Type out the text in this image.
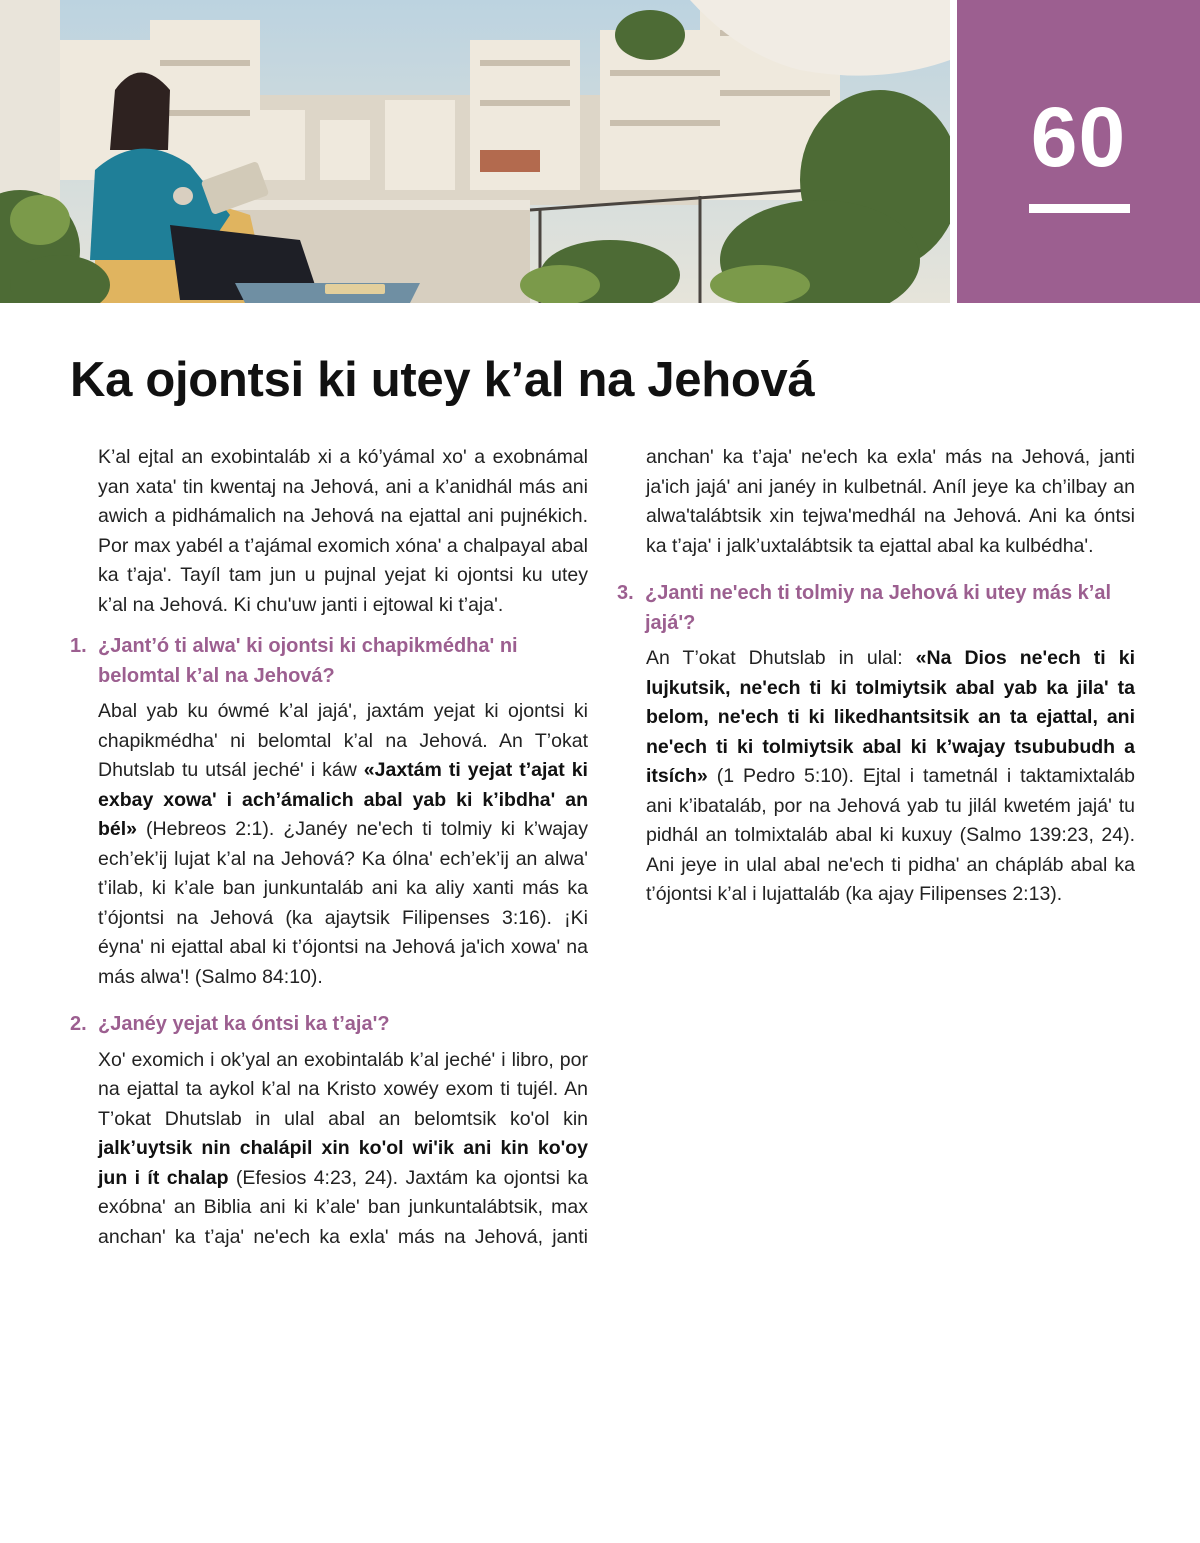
60
Ka ojontsi ki utey k’al na Jehová

K’al ejtal an exobintaláb xi a kó’yámal xo' a exobnámal yan xata' tin kwentaj na Jehová, ani a k’anidhál más ani awich a pidhámalich na Jehová na ejattal ani pujnékich. Por max yabél a t’ajámal exomich xóna' a chalpayal abal ka t’aja'. Tayíl tam jun u pujnal yejat ki ojontsi ku utey k’al na Jehová. Ki chu'uw janti i ejtowal ki t’aja'.

1. ¿Jant’ó ti alwa' ki ojontsi ki chapikmédha' ni belomtal k’al na Jehová?

Abal yab ku ówmé k’al jajá', jaxtám yejat ki ojontsi ki chapikmédha' ni belomtal k’al na Jehová. An T’okat Dhutslab tu utsál jeché' i káw «Jaxtám ti yejat t’ajat ki exbay xowa' i ach’ámalich abal yab ki k’ibdha' an bél» (Hebreos 2:1). ¿Janéy ne'ech ti tolmiy ki k’wajay ech’ek’ij lujat k’al na Jehová? Ka ólna' ech’ek’ij an alwa' t’ilab, ki k’ale ban junkuntaláb ani ka aliy xanti más ka t’ójontsi na Jehová (ka ajaytsik Filipenses 3:16). ¡Ki éyna' ni ejattal abal ki t’ójontsi na Jehová ja'ich xowa' na más alwa'! (Salmo 84:10).

2. ¿Janéy yejat ka óntsi ka t’aja'?

Xo' exomich i ok’yal an exobintaláb k’al jeché' i libro, por na ejattal ta aykol k’al na Kristo xowéy exom ti tujél. An T’okat Dhutslab in ulal abal an belomtsik ko'ol kin jalk’uytsik nin chalápil xin ko'ol wi'ik ani kin ko'oy jun i ít chalap (Efesios 4:23, 24). Jaxtám ka ojontsi ka exóbna' an Biblia ani ki k’ale' ban junkuntalábtsik, max anchan' ka t’aja' ne'ech ka exla' más na Jehová, janti

anchan' ka t’aja' ne'ech ka exla' más na Jehová, janti ja'ich jajá' ani janéy in kulbetnál. Aníl jeye ka ch’ilbay an alwa'talábtsik xin tejwa'medhál na Jehová. Ani ka óntsi ka t’aja' i jalk’uxtalábtsik ta ejattal abal ka kulbédha'.

3. ¿Janti ne'ech ti tolmiy na Jehová ki utey más k’al jajá'?

An T’okat Dhutslab in ulal: «Na Dios ne'ech ti ki lujkutsik, ne'ech ti ki tolmiytsik abal yab ka jila' ta belom, ne'ech ti ki likedhantsitsik an ta ejattal, ani ne'ech ti ki tolmiytsik abal ki k’wajay tsububudh a itsích» (1 Pedro 5:10). Ejtal i tametnál i taktamixtaláb ani k’ibataláb, por na Jehová yab tu jilál kwetém jajá' tu pidhál an tolmixtaláb abal ki kuxuy (Salmo 139:23, 24). Ani jeye in ulal abal ne'ech ti pidha' an chápláb abal ka t’ójontsi k’al i lujattaláb (ka ajay Filipenses 2:13).
